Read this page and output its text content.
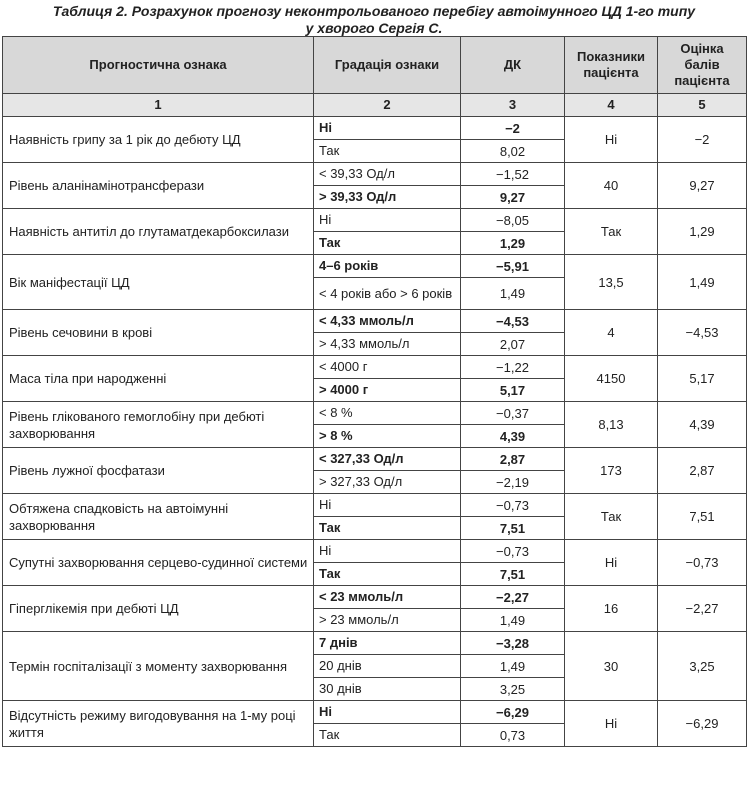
Таблиця 2. Розрахунок прогнозу неконтрольованого перебігу автоімунного ЦД 1-го типу
у хворого Сергія С.
Прогностична ознака	Градація ознаки	ДК	Показники пацієнта	Оцінка балів пацієнта
1	2	3	4	5
Наявність грипу за 1 рік до дебюту ЦД	Ні	−2	Ні	−2
	Так	8,02		
Рівень аланінамінотрансферази	< 39,33 Од/л	−1,52	40	9,27
	> 39,33 Од/л	9,27		
Наявність антитіл до глутаматдекарбоксилази	Ні	−8,05	Так	1,29
	Так	1,29		
Вік маніфестації ЦД	4–6 років	−5,91	13,5	1,49
	< 4 років або > 6 років	1,49		
Рівень сечовини в крові	< 4,33 ммоль/л	−4,53	4	−4,53
	> 4,33 ммоль/л	2,07		
Маса тіла при народженні	< 4000 г	−1,22	4150	5,17
	> 4000 г	5,17		
Рівень глікованого гемоглобіну при дебюті захворювання	< 8 %	−0,37	8,13	4,39
	> 8 %	4,39		
Рівень лужної фосфатази	< 327,33 Од/л	2,87	173	2,87
	> 327,33 Од/л	−2,19		
Обтяжена спадковість на автоімунні захворювання	Ні	−0,73	Так	7,51
	Так	7,51		
Супутні захворювання серцево-судинної системи	Ні	−0,73	Ні	−0,73
	Так	7,51		
Гіперглікемія при дебюті ЦД	< 23 ммоль/л	−2,27	16	−2,27
	> 23 ммоль/л	1,49		
Термін госпіталізації з моменту захворювання	7 днів	−3,28	30	3,25
	20 днів	1,49		
	30 днів	3,25		
Відсутність режиму вигодовування на 1-му році життя	Ні	−6,29	Ні	−6,29
	Так	0,73		
